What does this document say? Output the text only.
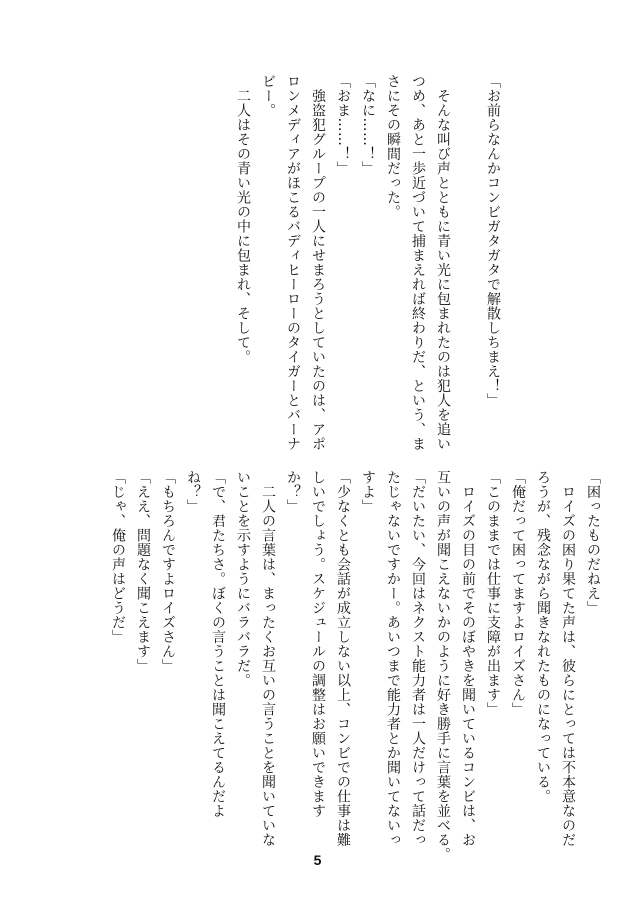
「お前らなんかコンビガタガタで解散しちまえ！」

　そんな叫び声とともに青い光に包まれたのは犯人を追い

つめ、あと一歩近づいて捕まえれば終わりだ、という、ま

さにその瞬間だった。

「なに……！」

「おま……！」

　強盗犯グループの一人にせまろうとしていたのは、アポ

ロンメディアがほこるバディヒーローのタイガーとバーナ

ビー。

　二人はその青い光の中に包まれ、そして。

「困ったものだねえ」

　ロイズの困り果てた声は、彼らにとっては不本意なのだ

ろうが、残念ながら聞きなれたものになっている。

「俺だって困ってますよロイズさん」

「このままでは仕事に支障が出ます」

　ロイズの目の前でそのぼやきを聞いているコンビは、お

互いの声が聞こえないかのように好き勝手に言葉を並べる。

「だいたい、今回はネクスト能力者は一人だけって話だっ

たじゃないですかー。あいつまで能力者とか聞いてないっ

すよ」

「少なくとも会話が成立しない以上、コンビでの仕事は難

しいでしょう。スケジュールの調整はお願いできます

か？」

　二人の言葉は、まったくお互いの言うことを聞いていな

いことを示すようにバラバラだ。

「で、君たちさ。ぼくの言うことは聞こえてるんだよ

ね？」

「もちろんですよロイズさん」

「ええ、問題なく聞こえます」

「じゃ、俺の声はどうだ」

5
